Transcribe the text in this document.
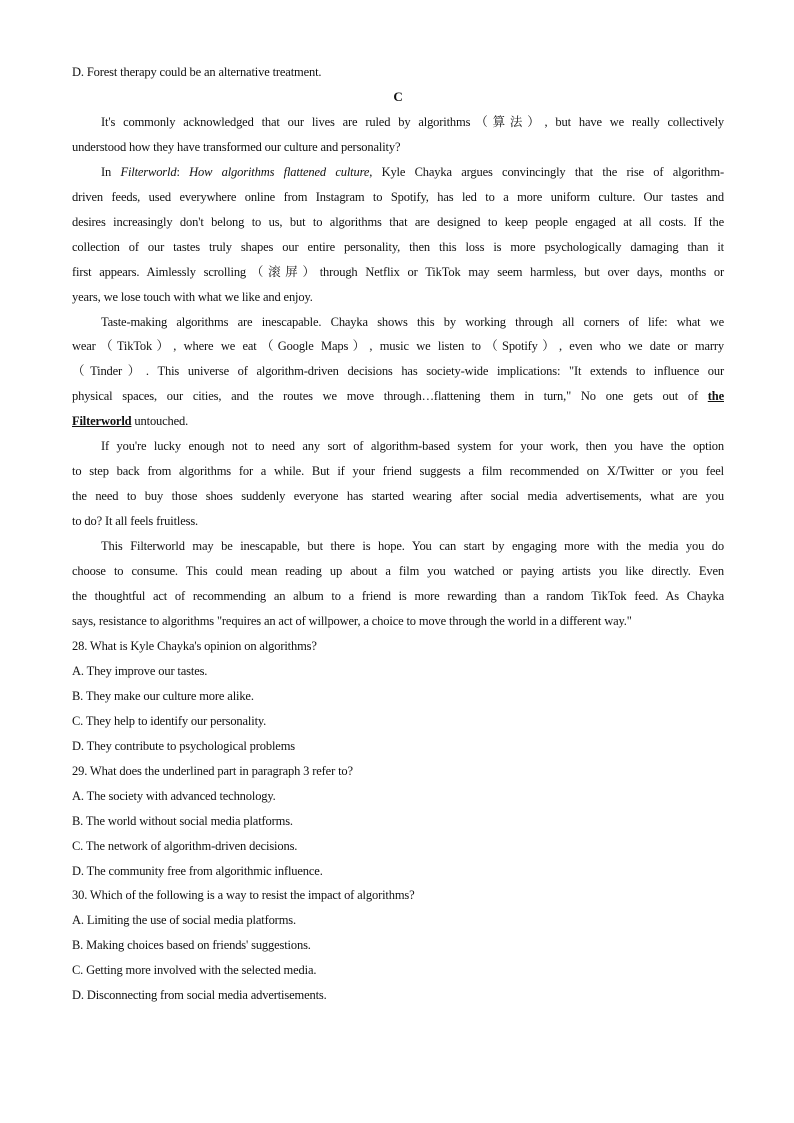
D. Forest therapy could be an alternative treatment.
C
It's commonly acknowledged that our lives are ruled by algorithms（算法）, but have we really collectively
understood how they have transformed our culture and personality?
In Filterworld: How algorithms flattened culture, Kyle Chayka argues convincingly that the rise of algorithm-
driven feeds, used everywhere online from Instagram to Spotify, has led to a more uniform culture. Our tastes and
desires increasingly don't belong to us, but to algorithms that are designed to keep people engaged at all costs. If the
collection of our tastes truly shapes our entire personality, then this loss is more psychologically damaging than it
first appears. Aimlessly scrolling（滚屏）through Netflix or TikTok may seem harmless, but over days, months or
years, we lose touch with what we like and enjoy.
Taste-making algorithms are inescapable. Chayka shows this by working through all corners of life: what we
wear（TikTok）, where we eat（Google Maps）, music we listen to（Spotify）, even who we date or marry
（Tinder）. This universe of algorithm-driven decisions has society-wide implications: "It extends to influence our
physical spaces, our cities, and the routes we move through…flattening them in turn," No one gets out of the
Filterworld untouched.
If you're lucky enough not to need any sort of algorithm-based system for your work, then you have the option
to step back from algorithms for a while. But if your friend suggests a film recommended on X/Twitter or you feel
the need to buy those shoes suddenly everyone has started wearing after social media advertisements, what are you
to do? It all feels fruitless.
This Filterworld may be inescapable, but there is hope. You can start by engaging more with the media you do
choose to consume. This could mean reading up about a film you watched or paying artists you like directly. Even
the thoughtful act of recommending an album to a friend is more rewarding than a random TikTok feed. As Chayka
says, resistance to algorithms "requires an act of willpower, a choice to move through the world in a different way."
28. What is Kyle Chayka's opinion on algorithms?
A. They improve our tastes.
B. They make our culture more alike.
C. They help to identify our personality.
D. They contribute to psychological problems
29. What does the underlined part in paragraph 3 refer to?
A. The society with advanced technology.
B. The world without social media platforms.
C. The network of algorithm-driven decisions.
D. The community free from algorithmic influence.
30. Which of the following is a way to resist the impact of algorithms?
A. Limiting the use of social media platforms.
B. Making choices based on friends' suggestions.
C. Getting more involved with the selected media.
D. Disconnecting from social media advertisements.
